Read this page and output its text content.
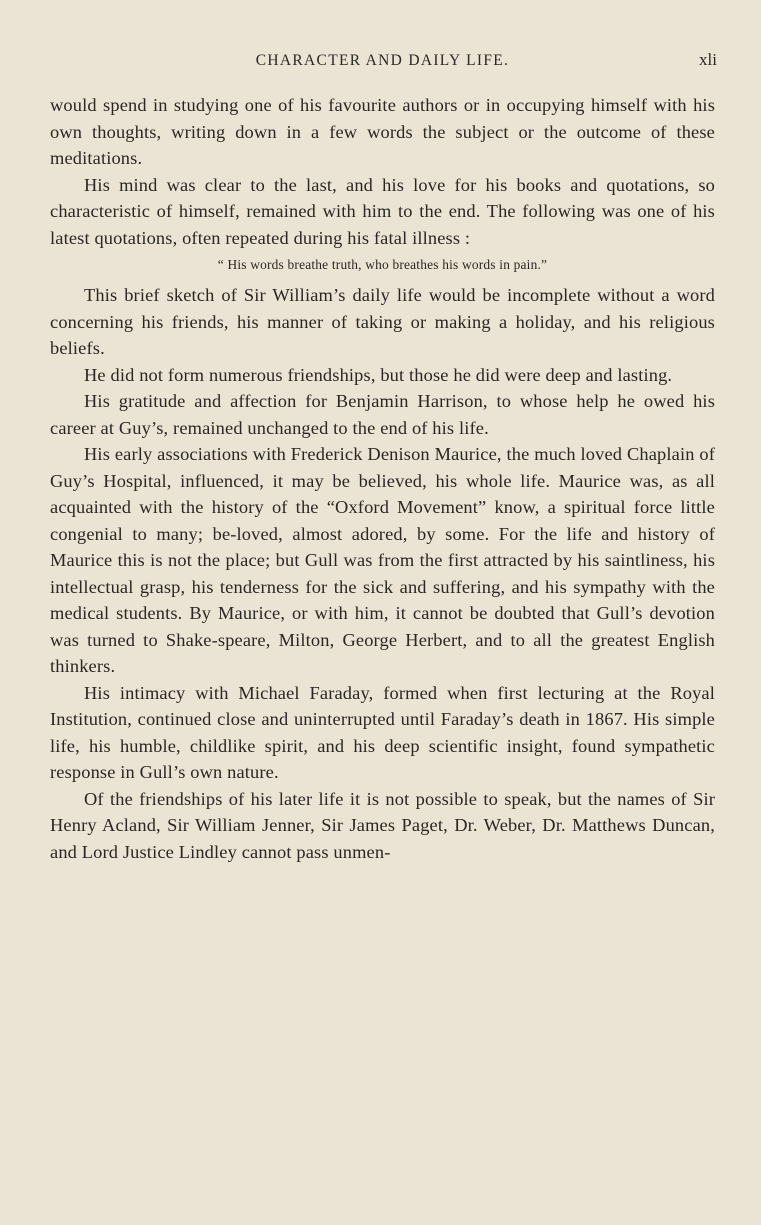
CHARACTER AND DAILY LIFE.	xli

would spend in studying one of his favourite authors or in occupying himself with his own thoughts, writing down in a few words the subject or the outcome of these meditations.

His mind was clear to the last, and his love for his books and quotations, so characteristic of himself, remained with him to the end. The following was one of his latest quotations, often repeated during his fatal illness :

“ His words breathe truth, who breathes his words in pain.”

This brief sketch of Sir William’s daily life would be incomplete without a word concerning his friends, his manner of taking or making a holiday, and his religious beliefs.

He did not form numerous friendships, but those he did were deep and lasting.

His gratitude and affection for Benjamin Harrison, to whose help he owed his career at Guy’s, remained unchanged to the end of his life.

His early associations with Frederick Denison Maurice, the much loved Chaplain of Guy’s Hospital, influenced, it may be believed, his whole life. Maurice was, as all acquainted with the history of the “Oxford Movement” know, a spiritual force little congenial to many; be-loved, almost adored, by some. For the life and history of Maurice this is not the place; but Gull was from the first attracted by his saintliness, his intellectual grasp, his tenderness for the sick and suffering, and his sympathy with the medical students. By Maurice, or with him, it cannot be doubted that Gull’s devotion was turned to Shake-speare, Milton, George Herbert, and to all the greatest English thinkers.

His intimacy with Michael Faraday, formed when first lecturing at the Royal Institution, continued close and uninterrupted until Faraday’s death in 1867. His simple life, his humble, childlike spirit, and his deep scientific insight, found sympathetic response in Gull’s own nature.

Of the friendships of his later life it is not possible to speak, but the names of Sir Henry Acland, Sir William Jenner, Sir James Paget, Dr. Weber, Dr. Matthews Duncan, and Lord Justice Lindley cannot pass unmen-
